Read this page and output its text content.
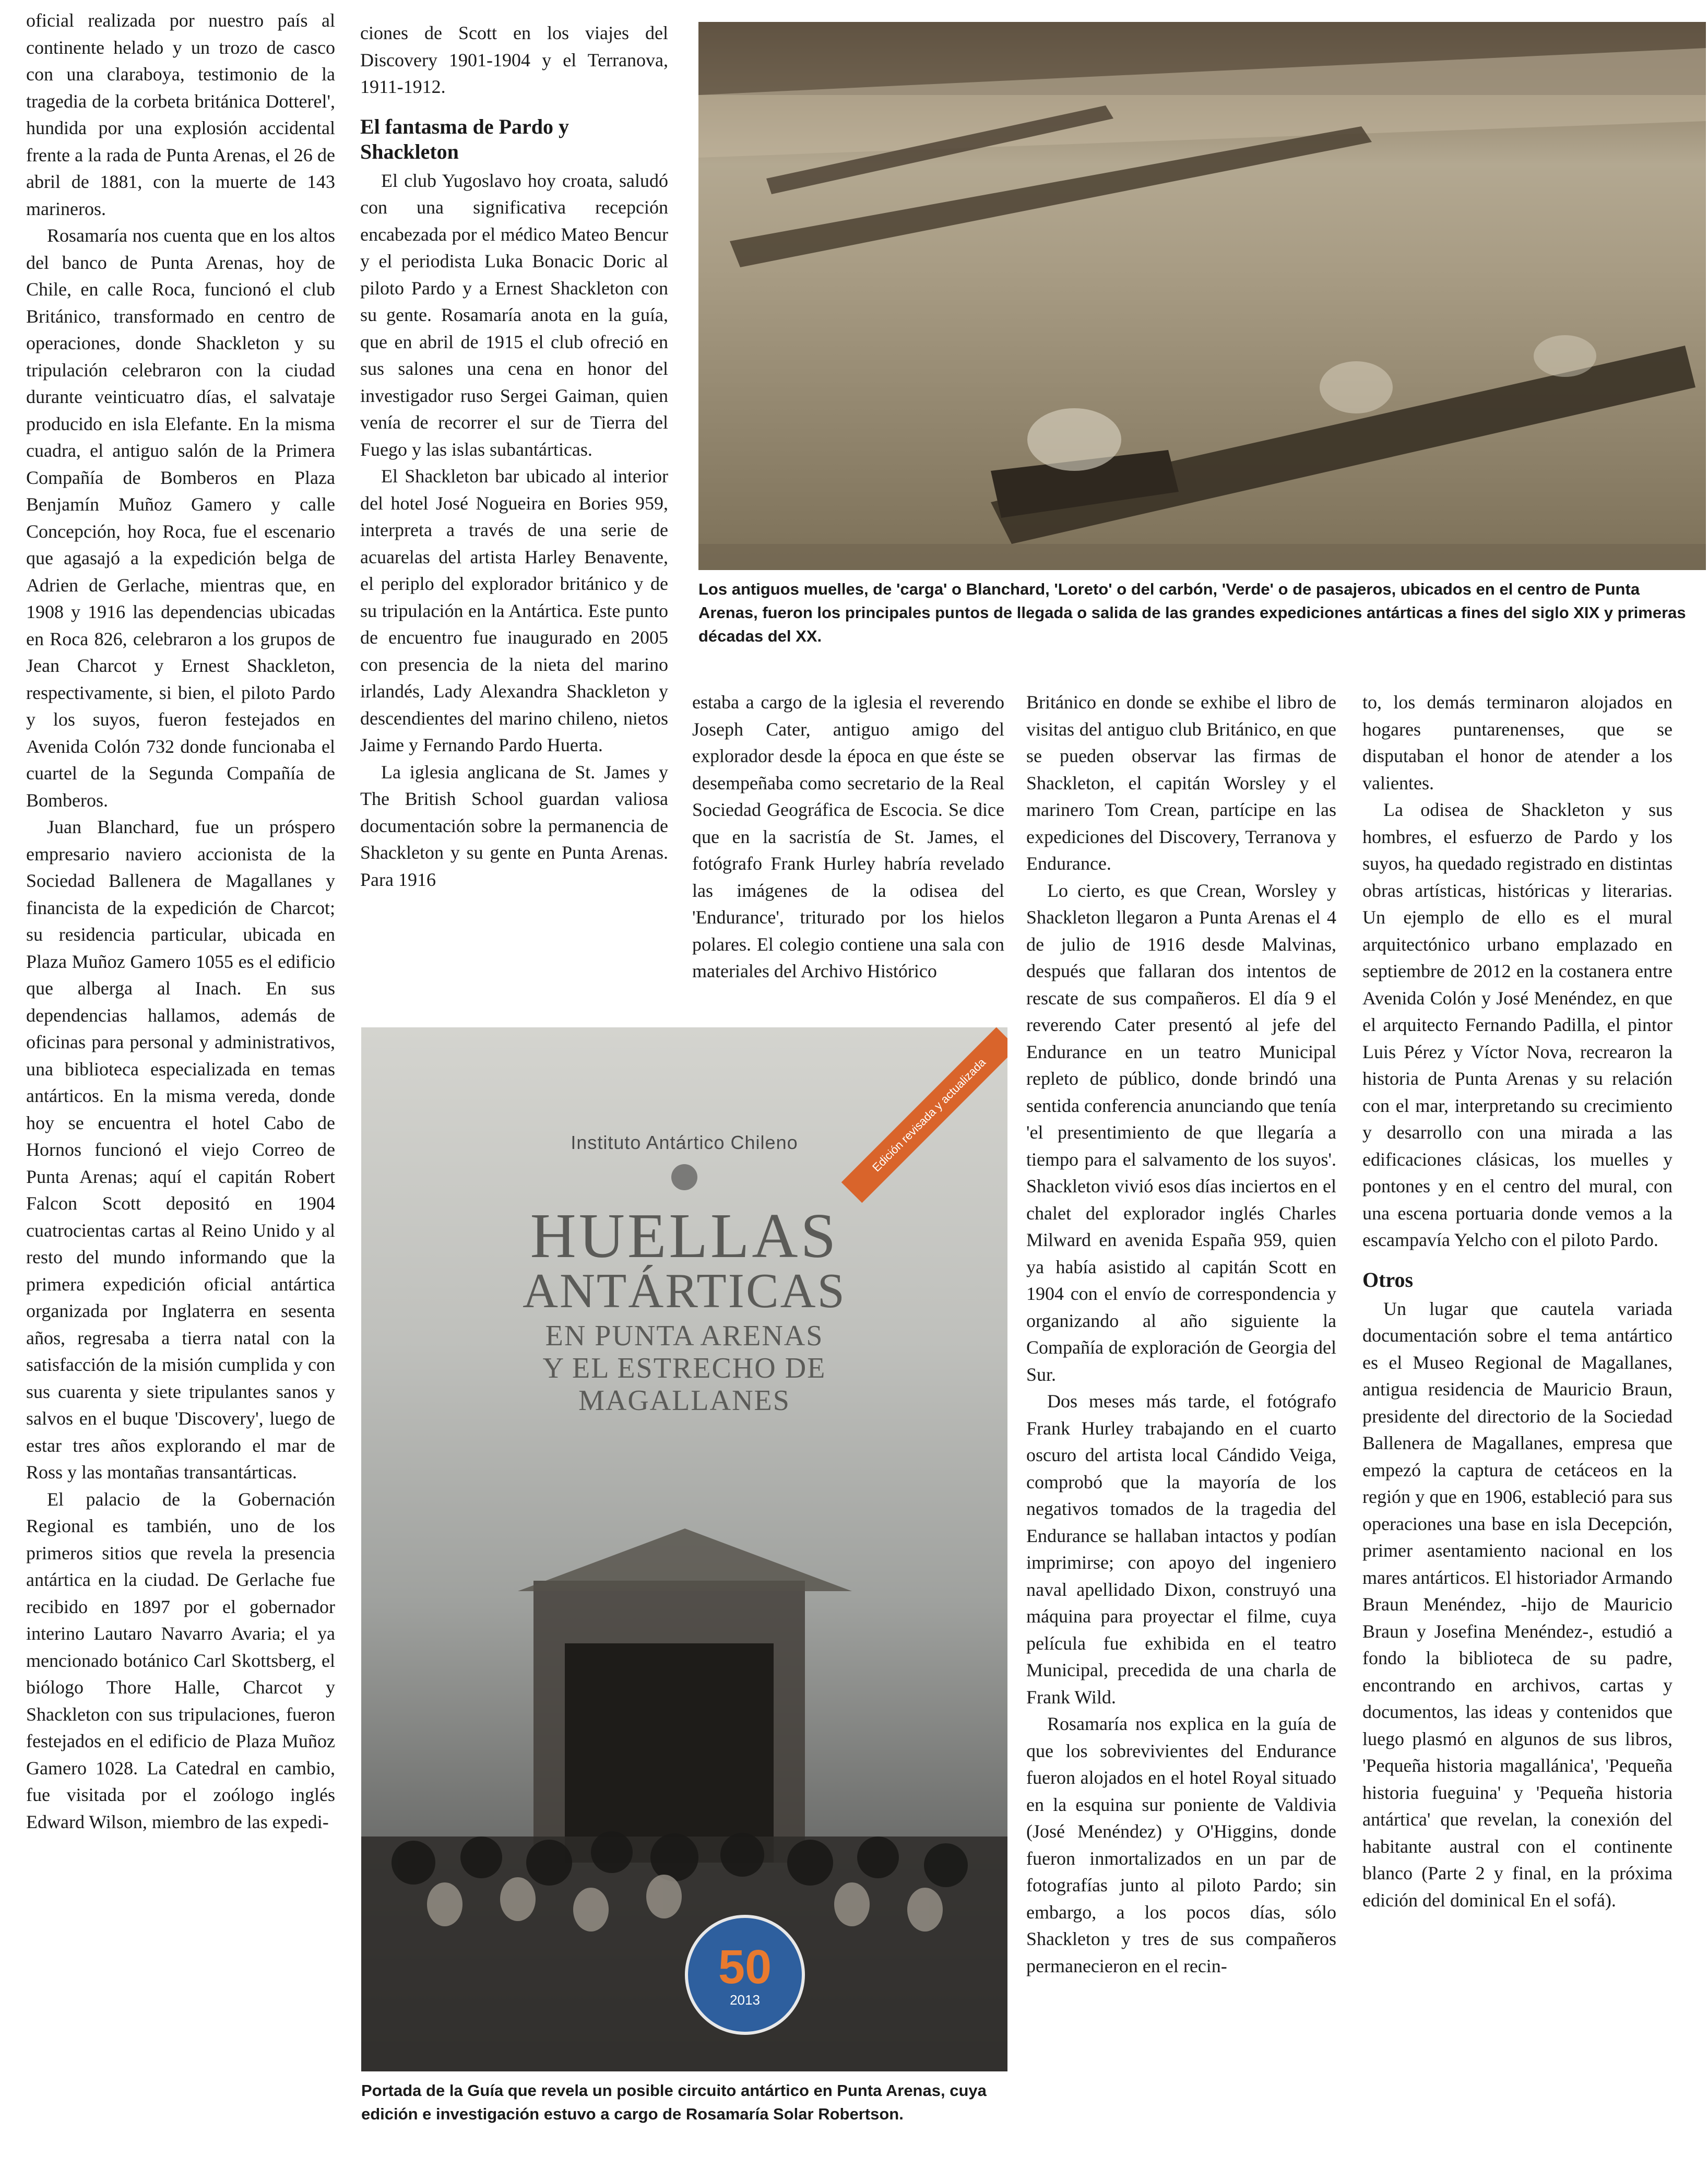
oficial realizada por nuestro país al continente helado y un trozo de casco con una claraboya, testimonio de la tragedia de la corbeta británica Dotterel', hundida por una explosión accidental frente a la rada de Punta Arenas, el 26 de abril de 1881, con la muerte de 143 marineros.

Rosamaría nos cuenta que en los altos del banco de Punta Arenas, hoy de Chile, en calle Roca, funcionó el club Británico, transformado en centro de operaciones, donde Shackleton y su tripulación celebraron con la ciudad durante veinticuatro días, el salvataje producido en isla Elefante. En la misma cuadra, el antiguo salón de la Primera Compañía de Bomberos en Plaza Benjamín Muñoz Gamero y calle Concepción, hoy Roca, fue el escenario que agasajó a la expedición belga de Adrien de Gerlache, mientras que, en 1908 y 1916 las dependencias ubicadas en Roca 826, celebraron a los grupos de Jean Charcot y Ernest Shackleton, respectivamente, si bien, el piloto Pardo y los suyos, fueron festejados en Avenida Colón 732 donde funcionaba el cuartel de la Segunda Compañía de Bomberos.

Juan Blanchard, fue un próspero empresario naviero accionista de la Sociedad Ballenera de Magallanes y financista de la expedición de Charcot; su residencia particular, ubicada en Plaza Muñoz Gamero 1055 es el edificio que alberga al Inach. En sus dependencias hallamos, además de oficinas para personal y administrativos, una biblioteca especializada en temas antárticos. En la misma vereda, donde hoy se encuentra el hotel Cabo de Hornos funcionó el viejo Correo de Punta Arenas; aquí el capitán Robert Falcon Scott depositó en 1904 cuatrocientas cartas al Reino Unido y al resto del mundo informando que la primera expedición oficial antártica organizada por Inglaterra en sesenta años, regresaba a tierra natal con la satisfacción de la misión cumplida y con sus cuarenta y siete tripulantes sanos y salvos en el buque 'Discovery', luego de estar tres años explorando el mar de Ross y las montañas transantárticas.

El palacio de la Gobernación Regional es también, uno de los primeros sitios que revela la presencia antártica en la ciudad. De Gerlache fue recibido en 1897 por el gobernador interino Lautaro Navarro Avaria; el ya mencionado botánico Carl Skottsberg, el biólogo Thore Halle, Charcot y Shackleton con sus tripulaciones, fueron festejados en el edificio de Plaza Muñoz Gamero 1028. La Catedral en cambio, fue visitada por el zoólogo inglés Edward Wilson, miembro de las expedi-

ciones de Scott en los viajes del Discovery 1901-1904 y el Terranova, 1911-1912.

El fantasma de Pardo y Shackleton

El club Yugoslavo hoy croata, saludó con una significativa recepción encabezada por el médico Mateo Bencur y el periodista Luka Bonacic Doric al piloto Pardo y a Ernest Shackleton con su gente. Rosamaría anota en la guía, que en abril de 1915 el club ofreció en sus salones una cena en honor del investigador ruso Sergei Gaiman, quien venía de recorrer el sur de Tierra del Fuego y las islas subantárticas.

El Shackleton bar ubicado al interior del hotel José Nogueira en Bories 959, interpreta a través de una serie de acuarelas del artista Harley Benavente, el periplo del explorador británico y de su tripulación en la Antártica. Este punto de encuentro fue inaugurado en 2005 con presencia de la nieta del marino irlandés, Lady Alexandra Shackleton y descendientes del marino chileno, nietos Jaime y Fernando Pardo Huerta.

La iglesia anglicana de St. James y The British School guardan valiosa documentación sobre la permanencia de Shackleton y su gente en Punta Arenas. Para 1916

Los antiguos muelles, de 'carga' o Blanchard, 'Loreto' o del carbón, 'Verde' o de pasajeros, ubicados en el centro de Punta Arenas, fueron los principales puntos de llegada o salida de las grandes expediciones antárticas a fines del siglo XIX y primeras décadas del XX.

estaba a cargo de la iglesia el reverendo Joseph Cater, antiguo amigo del explorador desde la época en que éste se desempeñaba como secretario de la Real Sociedad Geográfica de Escocia. Se dice que en la sacristía de St. James, el fotógrafo Frank Hurley habría revelado las imágenes de la odisea del 'Endurance', triturado por los hielos polares. El colegio contiene una sala con materiales del Archivo Histórico

Británico en donde se exhibe el libro de visitas del antiguo club Británico, en que se pueden observar las firmas de Shackleton, el capitán Worsley y el marinero Tom Crean, partícipe en las expediciones del Discovery, Terranova y Endurance.

Lo cierto, es que Crean, Worsley y Shackleton llegaron a Punta Arenas el 4 de julio de 1916 desde Malvinas, después que fallaran dos intentos de rescate de sus compañeros. El día 9 el reverendo Cater presentó al jefe del Endurance en un teatro Municipal repleto de público, donde brindó una sentida conferencia anunciando que tenía 'el presentimiento de que llegaría a tiempo para el salvamento de los suyos'. Shackleton vivió esos días inciertos en el chalet del explorador inglés Charles Milward en avenida España 959, quien ya había asistido al capitán Scott en 1904 con el envío de correspondencia y organizando al año siguiente la Compañía de exploración de Georgia del Sur.

Dos meses más tarde, el fotógrafo Frank Hurley trabajando en el cuarto oscuro del artista local Cándido Veiga, comprobó que la mayoría de los negativos tomados de la tragedia del Endurance se hallaban intactos y podían imprimirse; con apoyo del ingeniero naval apellidado Dixon, construyó una máquina para proyectar el filme, cuya película fue exhibida en el teatro Municipal, precedida de una charla de Frank Wild.

Rosamaría nos explica en la guía de que los sobrevivientes del Endurance fueron alojados en el hotel Royal situado en la esquina sur poniente de Valdivia (José Menéndez) y O'Higgins, donde fueron inmortalizados en un par de fotografías junto al piloto Pardo; sin embargo, a los pocos días, sólo Shackleton y tres de sus compañeros permanecieron en el recin-

to, los demás terminaron alojados en hogares puntarenenses, que se disputaban el honor de atender a los valientes.

La odisea de Shackleton y sus hombres, el esfuerzo de Pardo y los suyos, ha quedado registrado en distintas obras artísticas, históricas y literarias. Un ejemplo de ello es el mural arquitectónico urbano emplazado en septiembre de 2012 en la costanera entre Avenida Colón y José Menéndez, en que el arquitecto Fernando Padilla, el pintor Luis Pérez y Víctor Nova, recrearon la historia de Punta Arenas y su relación con el mar, interpretando su crecimiento y desarrollo con una mirada a las edificaciones clásicas, los muelles y pontones y en el centro del mural, con una escena portuaria donde vemos a la escampavía Yelcho con el piloto Pardo.

Otros

Un lugar que cautela variada documentación sobre el tema antártico es el Museo Regional de Magallanes, antigua residencia de Mauricio Braun, presidente del directorio de la Sociedad Ballenera de Magallanes, empresa que empezó la captura de cetáceos en la región y que en 1906, estableció para sus operaciones una base en isla Decepción, primer asentamiento nacional en los mares antárticos. El historiador Armando Braun Menéndez, -hijo de Mauricio Braun y Josefina Menéndez-, estudió a fondo la biblioteca de su padre, encontrando en archivos, cartas y documentos, las ideas y contenidos que luego plasmó en algunos de sus libros, 'Pequeña historia magallánica', 'Pequeña historia fueguina' y 'Pequeña historia antártica' que revelan, la conexión del habitante austral con el continente blanco (Parte 2 y final, en la próxima edición del dominical En el sofá).

Edición revisada y actualizada
Instituto Antártico Chileno
HUELLAS
ANTÁRTICAS
EN PUNTA ARENAS
Y EL ESTRECHO DE
MAGALLANES
50
2013
Portada de la Guía que revela un posible circuito antártico en Punta Arenas, cuya edición e investigación estuvo a cargo de Rosamaría Solar Robertson.
